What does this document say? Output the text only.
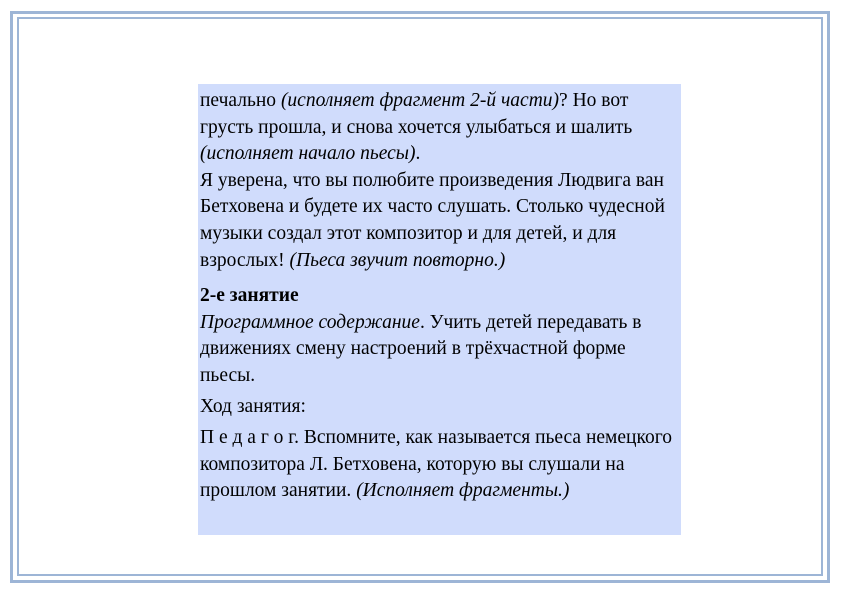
печально (исполняет фрагмент 2-й части)? Но вот грусть прошла, и снова хочется улыбаться и шалить (исполняет начало пьесы).

Я уверена, что вы полюбите произведения Людвига ван Бетховена и будете их часто слушать. Столько чудесной музыки создал этот композитор и для детей, и для взрослых! (Пьеса звучит повторно.)

2-е занятие

Программное содержание. Учить детей передавать в движениях смену настроений в трёхчастной форме пьесы.

Ход занятия:

П е д а г о г. Вспомните, как называется пьеса немецкого композитора Л. Бетховена, которую вы слушали на прошлом занятии. (Исполняет фрагменты.)
